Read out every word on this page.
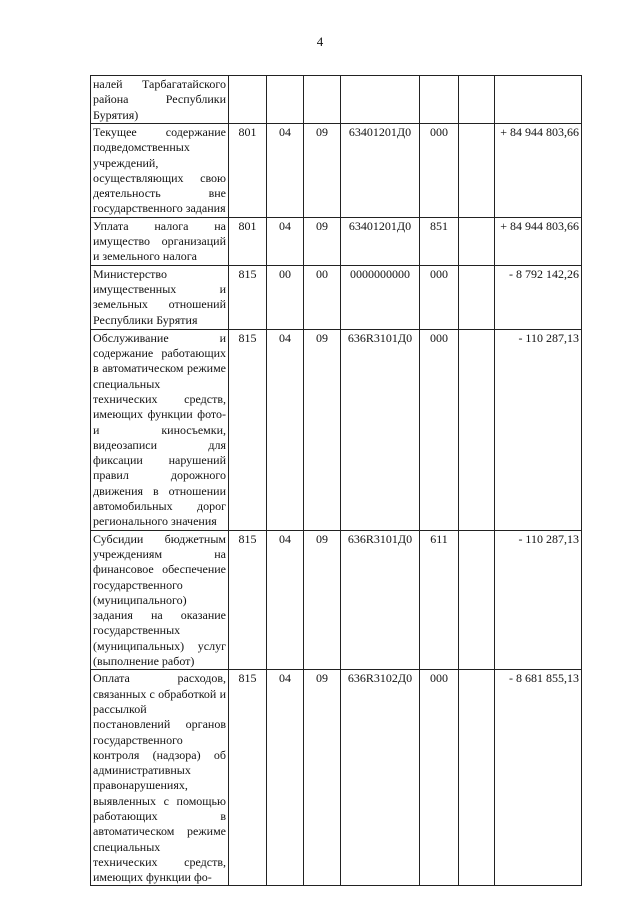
4
налей Тарбагатайского района Республики Бурятия)							
Текущее содержание подведомственных учреждений, осуществляющих свою деятельность вне государственного задания	801	04	09	63401201Д0	000		+ 84 944 803,66
Уплата налога на имущество организаций и земельного налога	801	04	09	63401201Д0	851		+ 84 944 803,66
Министерство имущественных и земельных отношений Республики Бурятия	815	00	00	0000000000	000		- 8 792 142,26
Обслуживание и содержание работающих в автоматическом режиме специальных технических средств, имеющих функции фото- и киносъемки, видеозаписи для фиксации нарушений правил дорожного движения в отношении автомобильных дорог регионального значения	815	04	09	636R3101Д0	000		- 110 287,13
Субсидии бюджетным учреждениям на финансовое обеспечение государственного (муниципального) задания на оказание государственных (муниципальных) услуг (выполнение работ)	815	04	09	636R3101Д0	611		- 110 287,13
Оплата расходов, связанных с обработкой и рассылкой постановлений органов государственного контроля (надзора) об административных правонарушениях, выявленных с помощью работающих в автоматическом режиме специальных технических средств, имеющих функции фо-	815	04	09	636R3102Д0	000		- 8 681 855,13
